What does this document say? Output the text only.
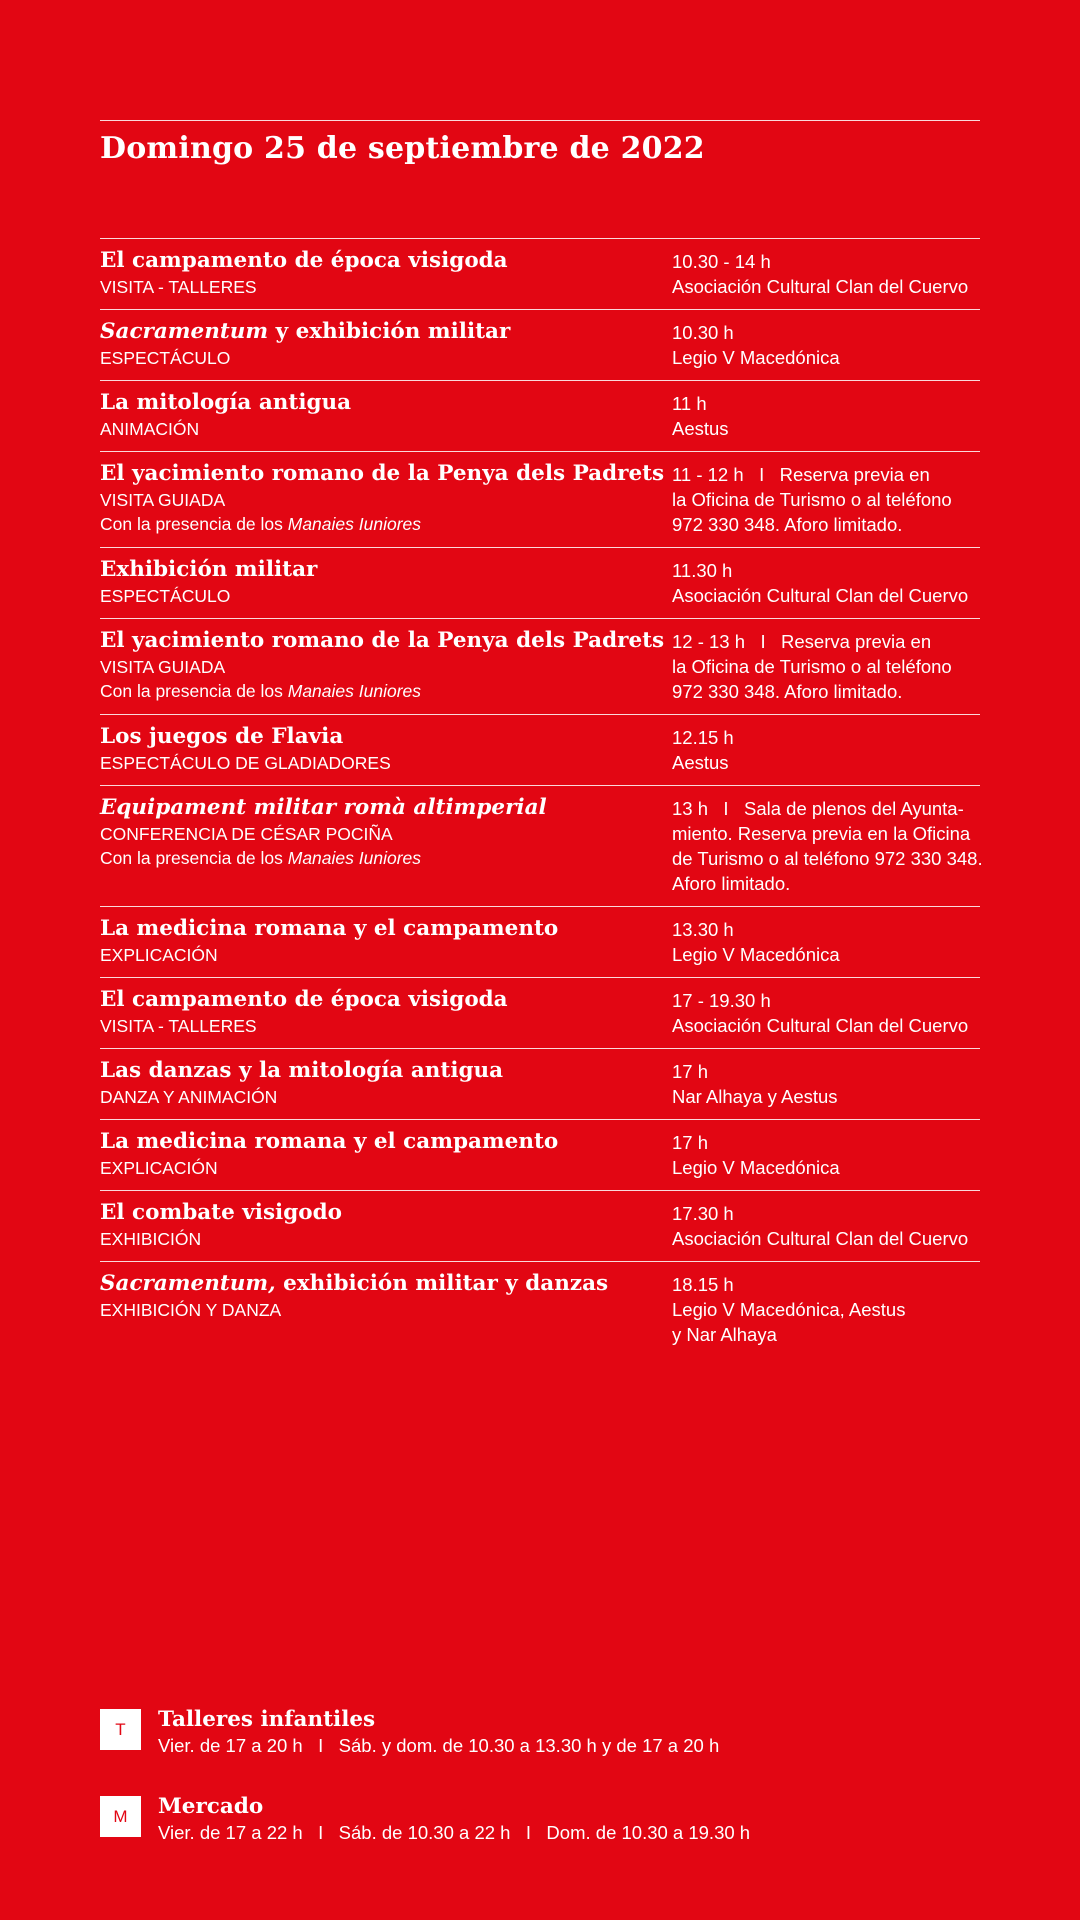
Domingo 25 de septiembre de 2022
El campamento de época visigoda
VISITA - TALLERES
10.30 - 14 h
Asociación Cultural Clan del Cuervo
Sacramentum y exhibición militar
ESPECTÁCULO
10.30 h
Legio V Macedónica
La mitología antigua
ANIMACIÓN
11 h
Aestus
El yacimiento romano de la Penya dels Padrets
VISITA GUIADA
Con la presencia de los Manaies Iuniores
11 - 12 h   I   Reserva previa en
la Oficina de Turismo o al teléfono
972 330 348. Aforo limitado.
Exhibición militar
ESPECTÁCULO
11.30 h
Asociación Cultural Clan del Cuervo
El yacimiento romano de la Penya dels Padrets
VISITA GUIADA
Con la presencia de los Manaies Iuniores
12 - 13 h   I   Reserva previa en
la Oficina de Turismo o al teléfono
972 330 348. Aforo limitado.
Los juegos de Flavia
ESPECTÁCULO DE GLADIADORES
12.15 h
Aestus
Equipament militar romà altimperial
CONFERENCIA DE CÉSAR POCIÑA
Con la presencia de los Manaies Iuniores
13 h   I   Sala de plenos del Ayunta-
miento. Reserva previa en la Oficina
de Turismo o al teléfono 972 330 348.
Aforo limitado.
La medicina romana y el campamento
EXPLICACIÓN
13.30 h
Legio V Macedónica
El campamento de época visigoda
VISITA - TALLERES
17 - 19.30 h
Asociación Cultural Clan del Cuervo
Las danzas y la mitología antigua
DANZA Y ANIMACIÓN
17 h
Nar Alhaya y Aestus
La medicina romana y el campamento
EXPLICACIÓN
17 h
Legio V Macedónica
El combate visigodo
EXHIBICIÓN
17.30 h
Asociación Cultural Clan del Cuervo
Sacramentum, exhibición militar y danzas
EXHIBICIÓN Y DANZA
18.15 h
Legio V Macedónica, Aestus
y Nar Alhaya
T	Talleres infantiles
Vier. de 17 a 20 h   I   Sáb. y dom. de 10.30 a 13.30 h y de 17 a 20 h
M	Mercado
Vier. de 17 a 22 h   I   Sáb. de 10.30 a 22 h   I   Dom. de 10.30 a 19.30 h
